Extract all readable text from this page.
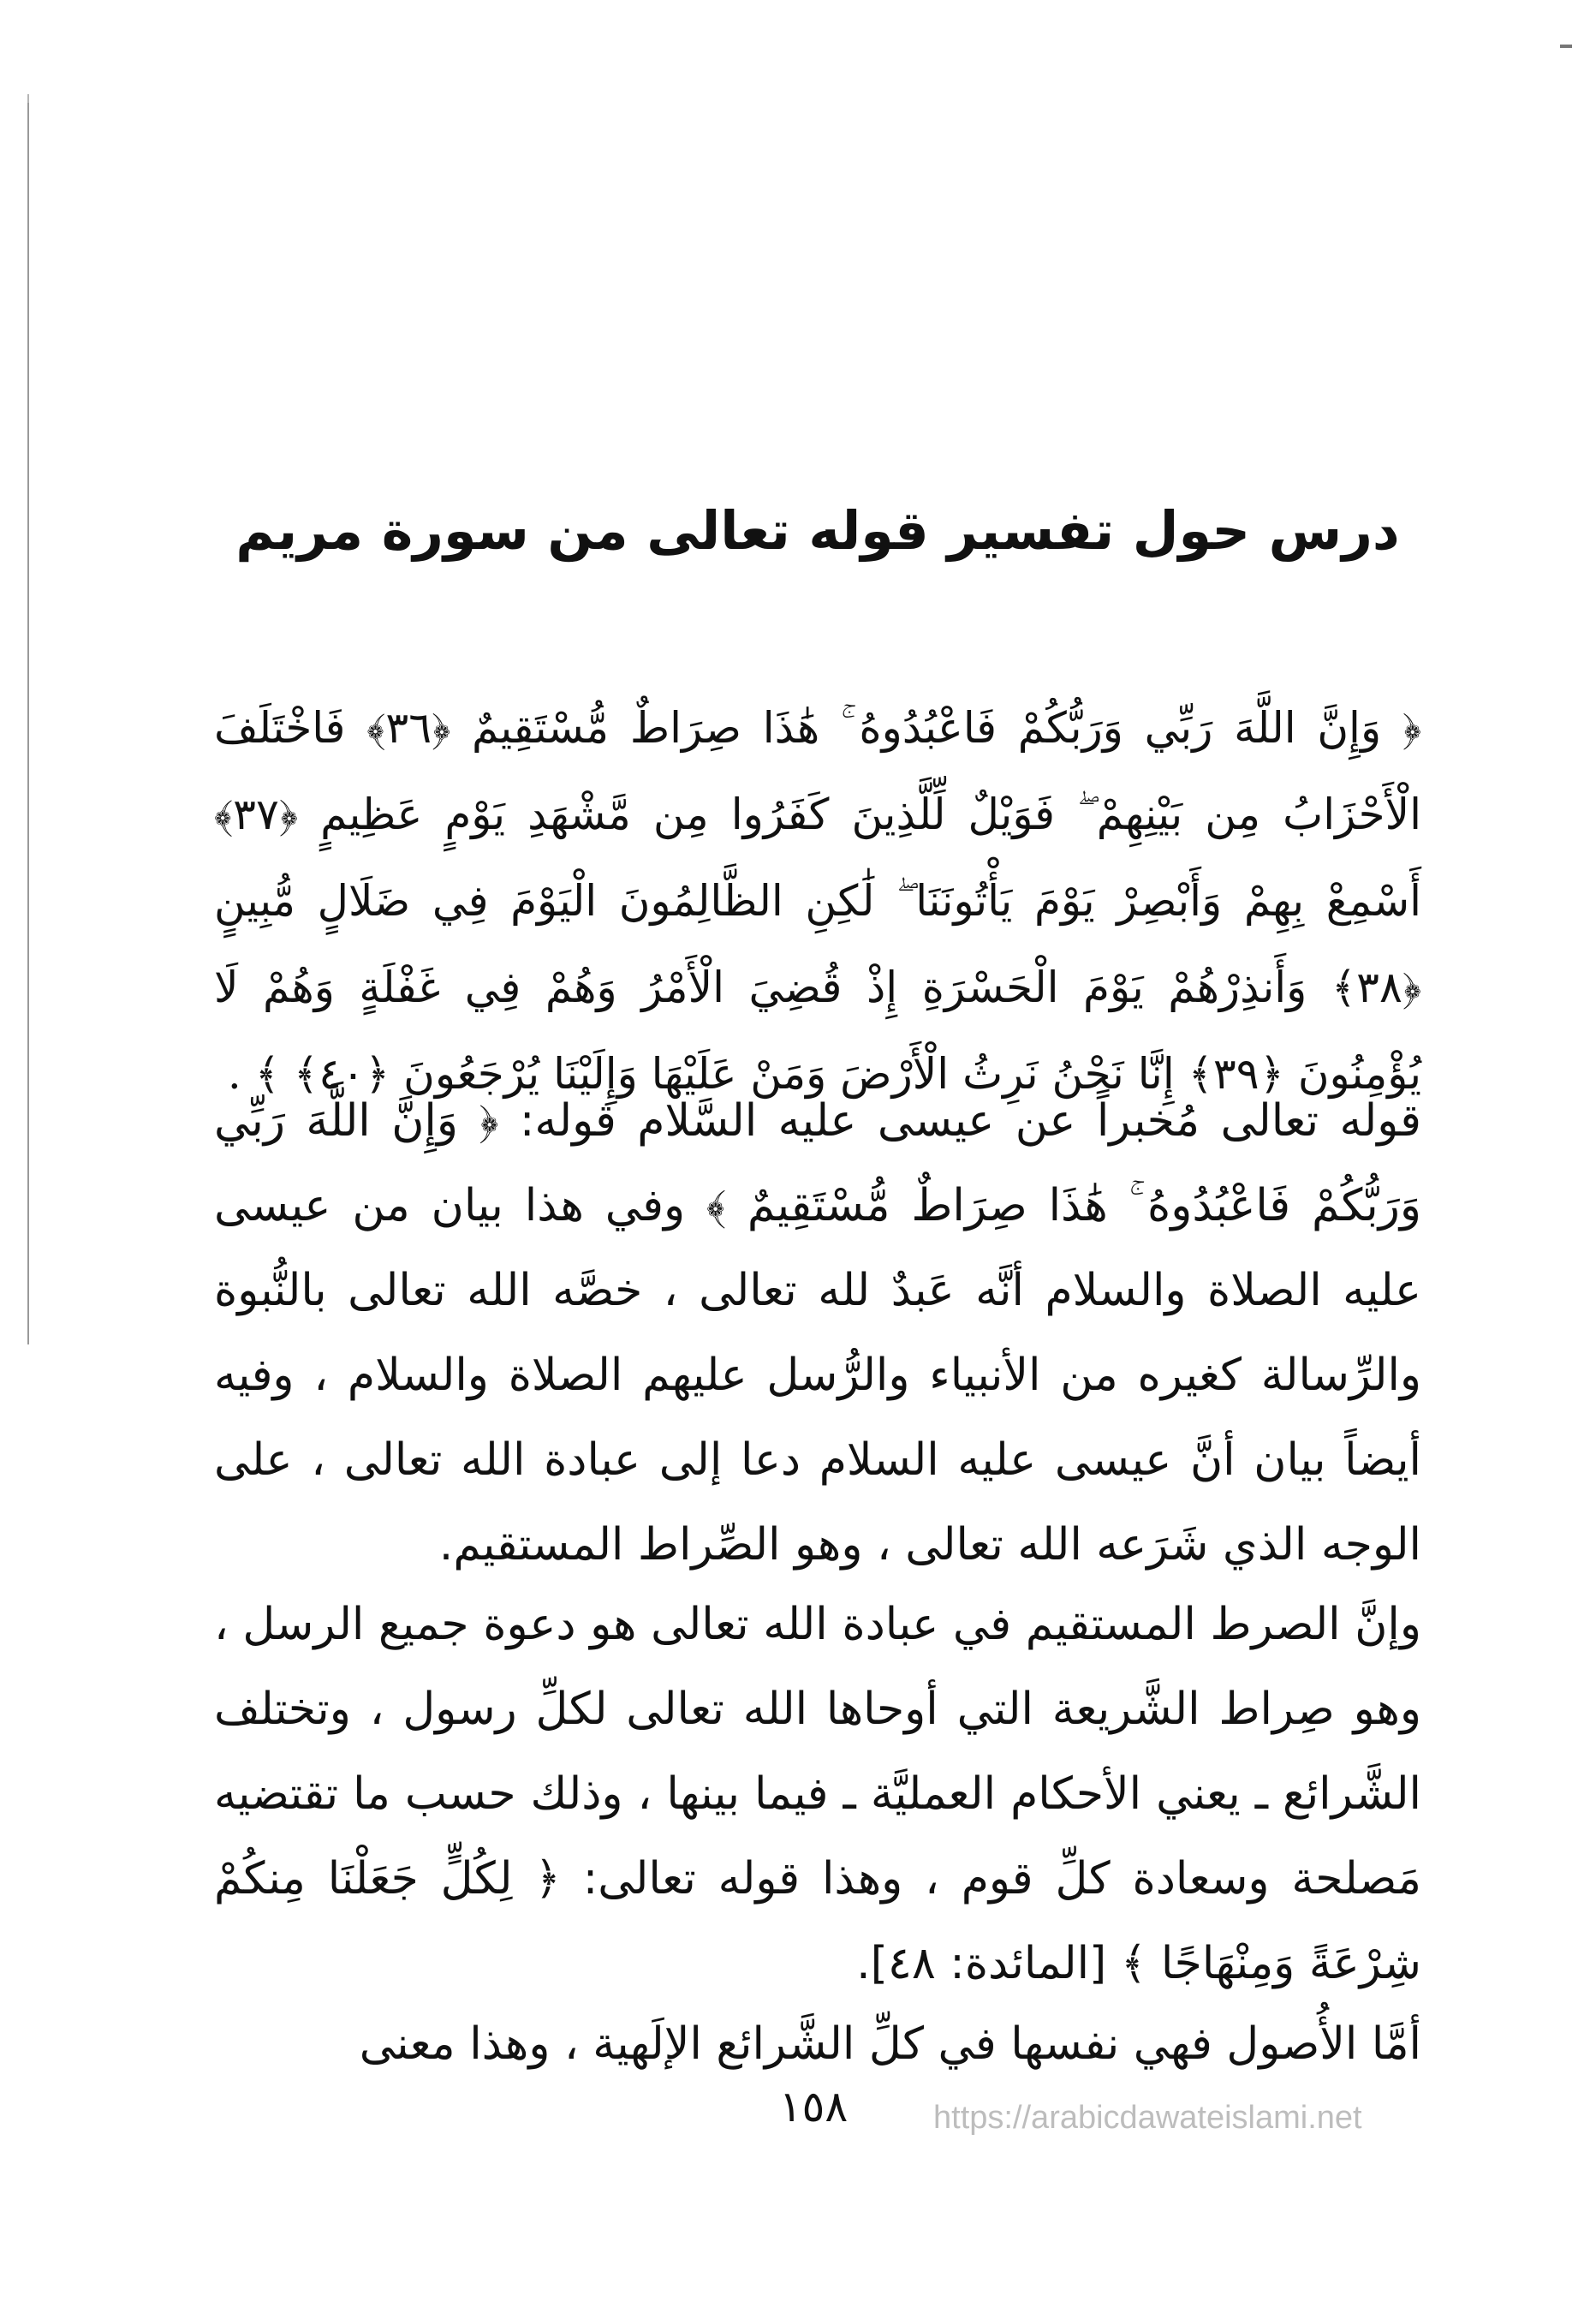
درس حول تفسير قوله تعالى من سورة مريم

﴿ وَإِنَّ اللَّهَ رَبِّي وَرَبُّكُمْ فَاعْبُدُوهُ ۚ هَٰذَا صِرَاطٌ مُّسْتَقِيمٌ ﴿٣٦﴾ فَاخْتَلَفَ الْأَحْزَابُ مِن بَيْنِهِمْ ۖ فَوَيْلٌ لِّلَّذِينَ كَفَرُوا مِن مَّشْهَدِ يَوْمٍ عَظِيمٍ ﴿٣٧﴾ أَسْمِعْ بِهِمْ وَأَبْصِرْ يَوْمَ يَأْتُونَنَا ۖ لَٰكِنِ الظَّالِمُونَ الْيَوْمَ فِي ضَلَالٍ مُّبِينٍ ﴿٣٨﴾ وَأَنذِرْهُمْ يَوْمَ الْحَسْرَةِ إِذْ قُضِيَ الْأَمْرُ وَهُمْ فِي غَفْلَةٍ وَهُمْ لَا يُؤْمِنُونَ ﴿٣٩﴾ إِنَّا نَحْنُ نَرِثُ الْأَرْضَ وَمَنْ عَلَيْهَا وَإِلَيْنَا يُرْجَعُونَ ﴿٤٠﴾ ﴾ .

قوله تعالى مُخبراً عن عيسى عليه السَّلام قوله: ﴿ وَإِنَّ اللَّهَ رَبِّي وَرَبُّكُمْ فَاعْبُدُوهُ ۚ هَٰذَا صِرَاطٌ مُّسْتَقِيمٌ ﴾ وفي هذا بيان من عيسى عليه الصلاة والسلام أنَّه عَبدٌ لله تعالى ، خصَّه الله تعالى بالنُّبوة والرِّسالة كغيره من الأنبياء والرُّسل عليهم الصلاة والسلام ، وفيه أيضاً بيان أنَّ عيسى عليه السلام دعا إلى عبادة الله تعالى ، على الوجه الذي شَرَعه الله تعالى ، وهو الصِّراط المستقيم.

وإنَّ الصرط المستقيم في عبادة الله تعالى هو دعوة جميع الرسل ، وهو صِراط الشَّريعة التي أوحاها الله تعالى لكلِّ رسول ، وتختلف الشَّرائع ـ يعني الأحكام العمليَّة ـ فيما بينها ، وذلك حسب ما تقتضيه مَصلحة وسعادة كلِّ قوم ، وهذا قوله تعالى: ﴿ لِكُلٍّ جَعَلْنَا مِنكُمْ شِرْعَةً وَمِنْهَاجًا ﴾ [المائدة: ٤٨].

أمَّا الأُصول فهي نفسها في كلِّ الشَّرائع الإلَهية ، وهذا معنى

١٥٨	https://arabicdawateislami.net
